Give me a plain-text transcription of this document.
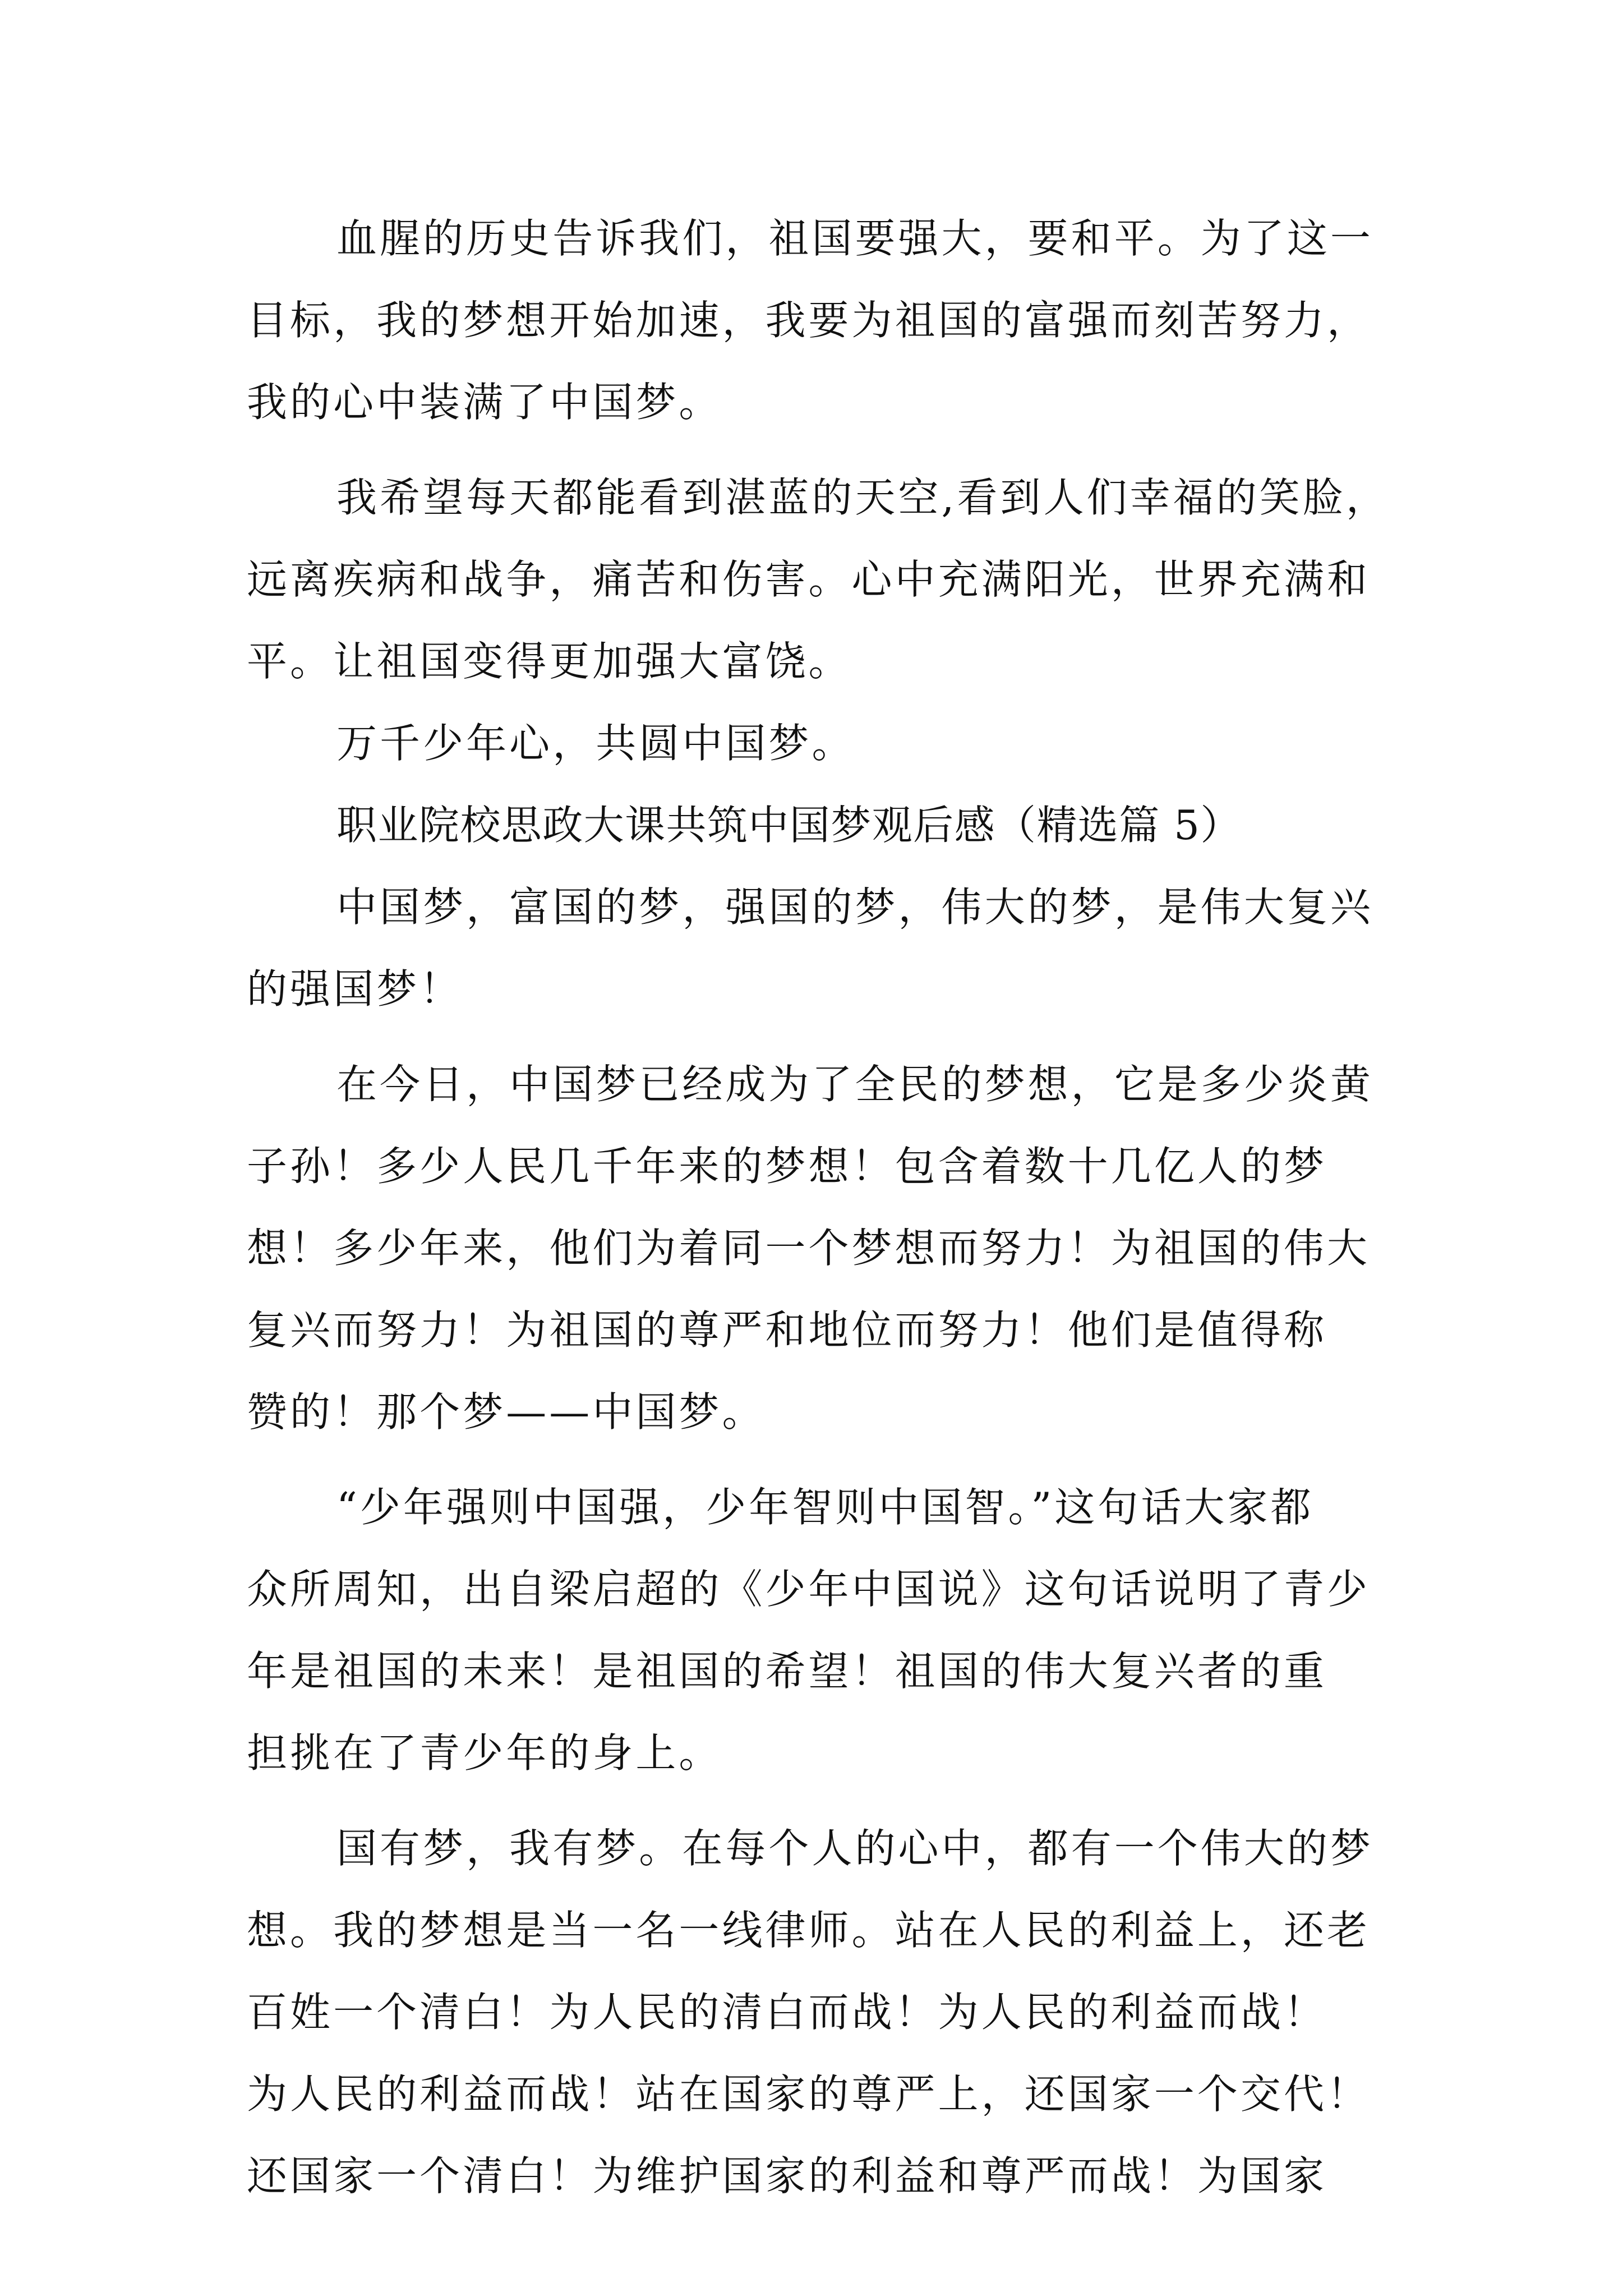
血腥的历史告诉我们，祖国要强大，要和平。为了这一
目标，我的梦想开始加速，我要为祖国的富强而刻苦努力，
我的心中装满了中国梦。
我希望每天都能看到湛蓝的天空,看到人们幸福的笑脸，
远离疾病和战争，痛苦和伤害。心中充满阳光，世界充满和
平。让祖国变得更加强大富饶。
万千少年心，共圆中国梦。
职业院校思政大课共筑中国梦观后感（精选篇 5）
中国梦，富国的梦，强国的梦，伟大的梦，是伟大复兴
的强国梦！
在今日，中国梦已经成为了全民的梦想，它是多少炎黄
子孙！多少人民几千年来的梦想！包含着数十几亿人的梦
想！多少年来，他们为着同一个梦想而努力！为祖国的伟大
复兴而努力！为祖国的尊严和地位而努力！他们是值得称
赞的！那个梦——中国梦。
“少年强则中国强，少年智则中国智。”这句话大家都
众所周知，出自梁启超的《少年中国说》这句话说明了青少
年是祖国的未来！是祖国的希望！祖国的伟大复兴者的重
担挑在了青少年的身上。
国有梦，我有梦。在每个人的心中，都有一个伟大的梦
想。我的梦想是当一名一线律师。站在人民的利益上，还老
百姓一个清白！为人民的清白而战！为人民的利益而战！
为人民的利益而战！站在国家的尊严上，还国家一个交代！
还国家一个清白！为维护国家的利益和尊严而战！为国家
